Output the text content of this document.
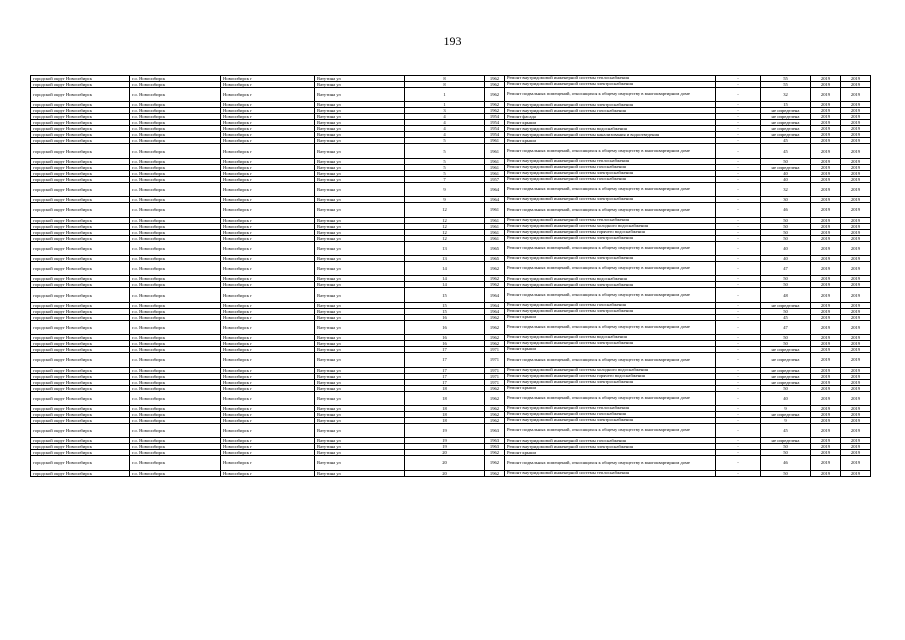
193
городской округ Новосибирск	г.о. Новосибирск	Новосибирск г	Ватутина ул	8	1962	Ремонт внутридомовой инженерной системы теплоснабжения	-	55	2019	2019
городской округ Новосибирск	г.о. Новосибирск	Новосибирск г	Ватутина ул	8	1962	Ремонт внутридомовой инженерной системы электроснабжения	-	55	2019	2019
городской округ Новосибирск	г.о. Новосибирск	Новосибирск г	Ватутина ул	1	1962	Ремонт подвальных помещений, относящихся к общему имуществу в многоквартирном доме	-	32	2019	2019
городской округ Новосибирск	г.о. Новосибирск	Новосибирск г	Ватутина ул	1	1962	Ремонт внутридомовой инженерной системы электроснабжения	-	15	2019	2019
городской округ Новосибирск	г.о. Новосибирск	Новосибирск г	Ватутина ул	3	1962	Ремонт внутридомовой инженерной системы газоснабжения	-	не определена	2019	2019
городской округ Новосибирск	г.о. Новосибирск	Новосибирск г	Ватутина ул	4	1954	Ремонт фасада	-	не определена	2019	2019
городской округ Новосибирск	г.о. Новосибирск	Новосибирск г	Ватутина ул	4	1954	Ремонт крыши	-	не определена	2019	2019
городской округ Новосибирск	г.о. Новосибирск	Новосибирск г	Ватутина ул	4	1954	Ремонт внутридомовой инженерной системы водоснабжения	-	не определена	2019	2019
городской округ Новосибирск	г.о. Новосибирск	Новосибирск г	Ватутина ул	4	1954	Ремонт внутридомовой инженерной системы канализования и водоотведения	-	не определена	2019	2019
городской округ Новосибирск	г.о. Новосибирск	Новосибирск г	Ватутина ул	5	1961	Ремонт крыши	-	45	2019	2019
городской округ Новосибирск	г.о. Новосибирск	Новосибирск г	Ватутина ул	5	1961	Ремонт подвальных помещений, относящихся к общему имуществу в многоквартирном доме	-	45	2019	2019
городской округ Новосибирск	г.о. Новосибирск	Новосибирск г	Ватутина ул	5	1961	Ремонт внутридомовой инженерной системы теплоснабжения	-	50	2019	2019
городской округ Новосибирск	г.о. Новосибирск	Новосибирск г	Ватутина ул	5	1961	Ремонт внутридомовой инженерной системы газоснабжения	-	не определена	2019	2019
городской округ Новосибирск	г.о. Новосибирск	Новосибирск г	Ватутина ул	5	1961	Ремонт внутридомовой инженерной системы электроснабжения	-	40	2019	2019
городской округ Новосибирск	г.о. Новосибирск	Новосибирск г	Ватутина ул	7	1957	Ремонт внутридомовой инженерной системы газоснабжения	-	40	2019	2019
городской округ Новосибирск	г.о. Новосибирск	Новосибирск г	Ватутина ул	9	1964	Ремонт подвальных помещений, относящихся к общему имуществу в многоквартирном доме	-	32	2019	2019
городской округ Новосибирск	г.о. Новосибирск	Новосибирск г	Ватутина ул	9	1964	Ремонт внутридомовой инженерной системы электроснабжения	-	30	2019	2019
городской округ Новосибирск	г.о. Новосибирск	Новосибирск г	Ватутина ул	12	1961	Ремонт подвальных помещений, относящихся к общему имуществу в многоквартирном доме	-	46	2019	2019
городской округ Новосибирск	г.о. Новосибирск	Новосибирск г	Ватутина ул	12	1961	Ремонт внутридомовой инженерной системы теплоснабжения	-	50	2019	2019
городской округ Новосибирск	г.о. Новосибирск	Новосибирск г	Ватутина ул	12	1961	Ремонт внутридомовой инженерной системы холодного водоснабжения	-	50	2019	2019
городской округ Новосибирск	г.о. Новосибирск	Новосибирск г	Ватутина ул	12	1961	Ремонт внутридомовой инженерной системы горячего водоснабжения	-	50	2019	2019
городской округ Новосибирск	г.о. Новосибирск	Новосибирск г	Ватутина ул	12	1961	Ремонт внутридомовой инженерной системы электроснабжения	-	50	2019	2019
городской округ Новосибирск	г.о. Новосибирск	Новосибирск г	Ватутина ул	13	1965	Ремонт подвальных помещений, относящихся к общему имуществу в многоквартирном доме	-	40	2019	2019
городской округ Новосибирск	г.о. Новосибирск	Новосибирск г	Ватутина ул	13	1965	Ремонт внутридомовой инженерной системы электроснабжения	-	40	2019	2019
городской округ Новосибирск	г.о. Новосибирск	Новосибирск г	Ватутина ул	14	1962	Ремонт подвальных помещений, относящихся к общему имуществу в многоквартирном доме	-	47	2019	2019
городской округ Новосибирск	г.о. Новосибирск	Новосибирск г	Ватутина ул	14	1962	Ремонт внутридомовой инженерной системы водоснабжения	-	50	2019	2019
городской округ Новосибирск	г.о. Новосибирск	Новосибирск г	Ватутина ул	14	1962	Ремонт внутридомовой инженерной системы электроснабжения	-	50	2019	2019
городской округ Новосибирск	г.о. Новосибирск	Новосибирск г	Ватутина ул	15	1964	Ремонт подвальных помещений, относящихся к общему имуществу в многоквартирном доме	-	48	2019	2019
городской округ Новосибирск	г.о. Новосибирск	Новосибирск г	Ватутина ул	15	1964	Ремонт внутридомовой инженерной системы газоснабжения	-	не определена	2019	2019
городской округ Новосибирск	г.о. Новосибирск	Новосибирск г	Ватутина ул	15	1964	Ремонт внутридомовой инженерной системы электроснабжения	-	50	2019	2019
городской округ Новосибирск	г.о. Новосибирск	Новосибирск г	Ватутина ул	16	1962	Ремонт крыши	-	45	2019	2019
городской округ Новосибирск	г.о. Новосибирск	Новосибирск г	Ватутина ул	16	1962	Ремонт подвальных помещений, относящихся к общему имуществу в многоквартирном доме	-	47	2019	2019
городской округ Новосибирск	г.о. Новосибирск	Новосибирск г	Ватутина ул	16	1962	Ремонт внутридомовой инженерной системы водоснабжения	-	50	2019	2019
городской округ Новосибирск	г.о. Новосибирск	Новосибирск г	Ватутина ул	16	1962	Ремонт внутридомовой инженерной системы электроснабжения	-	50	2019	2019
городской округ Новосибирск	г.о. Новосибирск	Новосибирск г	Ватутина ул	17	1971	Ремонт крыши	-	не определена	2019	2019
городской округ Новосибирск	г.о. Новосибирск	Новосибирск г	Ватутина ул	17	1971	Ремонт подвальных помещений, относящихся к общему имуществу в многоквартирном доме	-	не определена	2019	2019
городской округ Новосибирск	г.о. Новосибирск	Новосибирск г	Ватутина ул	17	1971	Ремонт внутридомовой инженерной системы холодного водоснабжения	-	не определена	2019	2019
городской округ Новосибирск	г.о. Новосибирск	Новосибирск г	Ватутина ул	17	1971	Ремонт внутридомовой инженерной системы горячего водоснабжения	-	не определена	2019	2019
городской округ Новосибирск	г.о. Новосибирск	Новосибирск г	Ватутина ул	17	1971	Ремонт внутридомовой инженерной системы электроснабжения	-	не определена	2019	2019
городской округ Новосибирск	г.о. Новосибирск	Новосибирск г	Ватутина ул	18	1962	Ремонт крыши	-	50	2019	2019
городской округ Новосибирск	г.о. Новосибирск	Новосибирск г	Ватутина ул	18	1962	Ремонт подвальных помещений, относящихся к общему имуществу в многоквартирном доме	-	40	2019	2019
городской округ Новосибирск	г.о. Новосибирск	Новосибирск г	Ватутина ул	18	1962	Ремонт внутридомовой инженерной системы теплоснабжения	-	9	2019	2019
городской округ Новосибирск	г.о. Новосибирск	Новосибирск г	Ватутина ул	18	1962	Ремонт внутридомовой инженерной системы газоснабжения	-	не определена	2019	2019
городской округ Новосибирск	г.о. Новосибирск	Новосибирск г	Ватутина ул	18	1962	Ремонт внутридомовой инженерной системы электроснабжения	-	9	2019	2019
городской округ Новосибирск	г.о. Новосибирск	Новосибирск г	Ватутина ул	19	1963	Ремонт подвальных помещений, относящихся к общему имуществу в многоквартирном доме	-	45	2019	2019
городской округ Новосибирск	г.о. Новосибирск	Новосибирск г	Ватутина ул	19	1963	Ремонт внутридомовой инженерной системы газоснабжения	-	не определена	2019	2019
городской округ Новосибирск	г.о. Новосибирск	Новосибирск г	Ватутина ул	19	1963	Ремонт внутридомовой инженерной системы электроснабжения	-	50	2019	2019
городской округ Новосибирск	г.о. Новосибирск	Новосибирск г	Ватутина ул	20	1962	Ремонт крыши	-	50	2019	2019
городской округ Новосибирск	г.о. Новосибирск	Новосибирск г	Ватутина ул	20	1962	Ремонт подвальных помещений, относящихся к общему имуществу в многоквартирном доме	-	46	2019	2019
городской округ Новосибирск	г.о. Новосибирск	Новосибирск г	Ватутина ул	20	1962	Ремонт внутридомовой инженерной системы теплоснабжения	-	50	2019	2019
